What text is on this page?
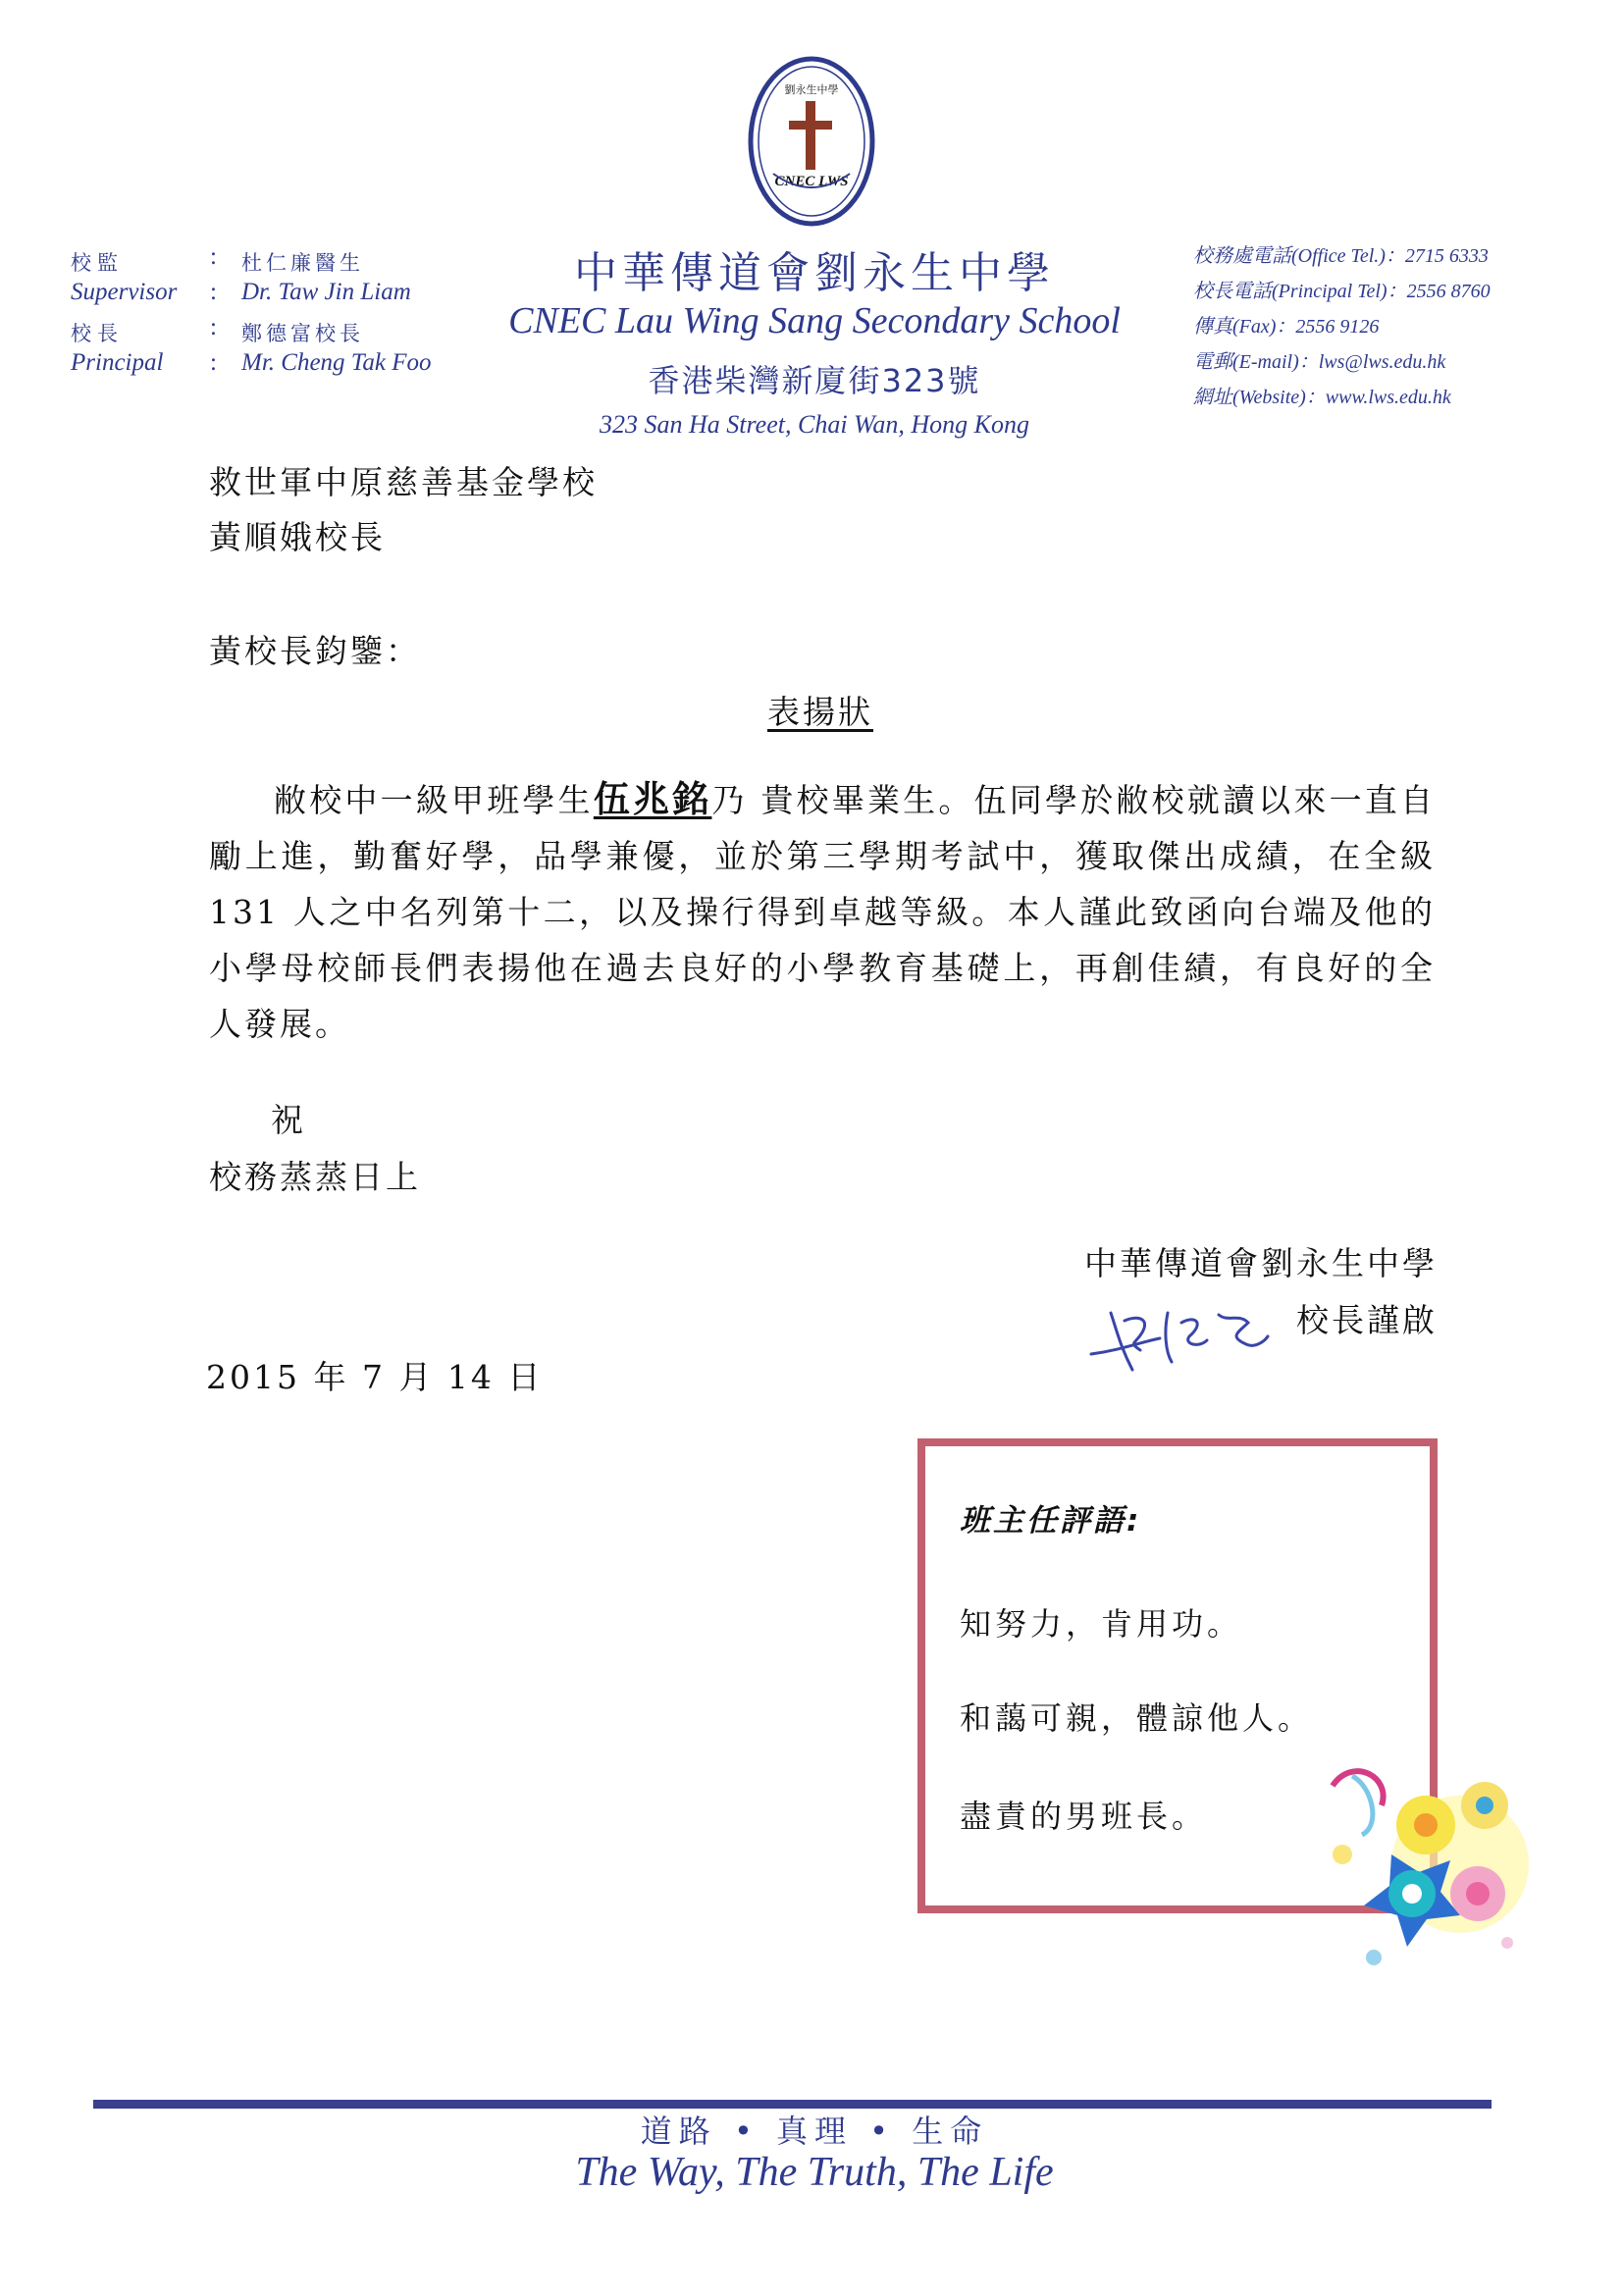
劉永生中學
CNEC LWS
校監	: 杜仁廉醫生
Supervisor : Dr. Taw Jin Liam
校長	: 鄭德富校長
Principal : Mr. Cheng Tak Foo
中華傳道會劉永生中學
CNEC Lau Wing Sang Secondary School
香港柴灣新廈街323號
323 San Ha Street, Chai Wan, Hong Kong
校務處電話(Office Tel.)：2715 6333
校長電話(Principal Tel)：2556 8760
傳真(Fax)：2556 9126
電郵(E-mail)：lws@lws.edu.hk
網址(Website)：www.lws.edu.hk
救世軍中原慈善基金學校
黃順娥校長
黃校長鈞鑒：
表揚狀
敝校中一級甲班學生伍兆銘乃 貴校畢業生。伍同學於敝校就讀以來一直自勵上進，勤奮好學，品學兼優，並於第三學期考試中，獲取傑出成績，在全級 131 人之中名列第十二，以及操行得到卓越等級。本人謹此致函向台端及他的小學母校師長們表揚他在過去良好的小學教育基礎上，再創佳績，有良好的全人發展。
祝
校務蒸蒸日上
中華傳道會劉永生中學
校長謹啟
2015 年 7 月 14 日
班主任評語:
知努力，肯用功。
和藹可親，體諒他人。
盡責的男班長。
道路 • 真理 • 生命
The Way, The Truth, The Life
